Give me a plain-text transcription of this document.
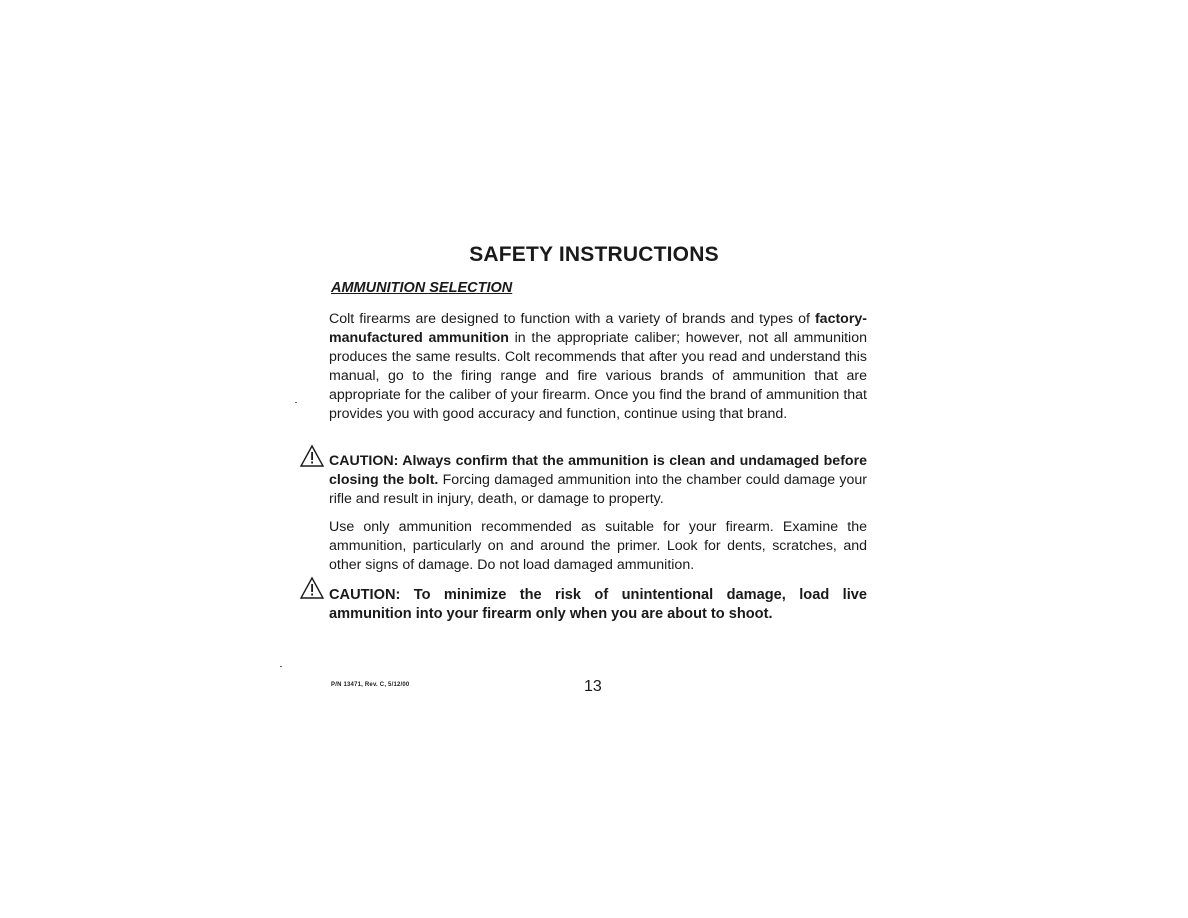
SAFETY INSTRUCTIONS
AMMUNITION SELECTION

Colt firearms are designed to function with a variety of brands and types of factory-manufactured ammunition in the appropriate caliber; however, not all ammunition produces the same results. Colt recommends that after you read and understand this manual, go to the firing range and fire various brands of ammunition that are appropriate for the caliber of your firearm. Once you find the brand of ammunition that provides you with good accuracy and function, continue using that brand.

CAUTION: Always confirm that the ammunition is clean and undamaged before closing the bolt. Forcing damaged ammunition into the chamber could damage your rifle and result in injury, death, or damage to property.

Use only ammunition recommended as suitable for your firearm. Examine the ammunition, particularly on and around the primer. Look for dents, scratches, and other signs of damage. Do not load damaged ammunition.

CAUTION: To minimize the risk of unintentional damage, load live ammunition into your firearm only when you are about to shoot.

P/N 13471, Rev. C, 5/12/00	13
